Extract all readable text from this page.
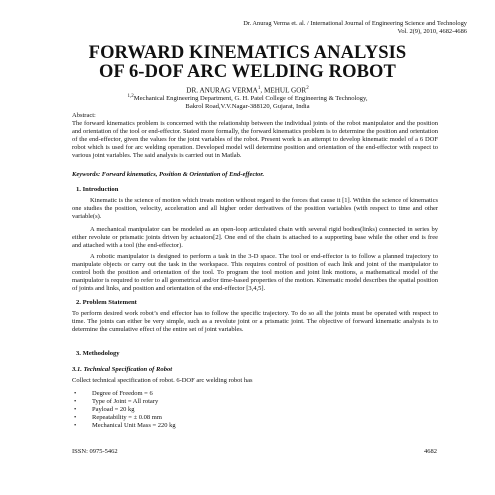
Dr. Anurag Verma et. al. / International Journal of Engineering Science and Technology
Vol. 2(9), 2010, 4682-4686
FORWARD KINEMATICS ANALYSIS
OF 6-DOF ARC WELDING ROBOT
DR. ANURAG VERMA$^1$, MEHUL GOR$^2$
$^{1,2}$Mechanical Engineering Department, G. H. Patel College of Engineering & Technology,
Bakrol Road,V.V.Nagar-388120, Gujarat, India
Abstract:
The forward kinematics problem is concerned with the relationship between the individual joints of the robot manipulator and the position and orientation of the tool or end-effector. Stated more formally, the forward kinematics problem is to determine the position and orientation of the end-effector, given the values for the joint variables of the robot. Present work is an attempt to develop kinematic model of a 6 DOF robot which is used for arc welding operation. Developed model will determine position and orientation of the end-effector with respect to various joint variables. The said analysis is carried out in Matlab.
Keywords: Forward kinematics, Position & Orientation of End-effector.
1. Introduction
Kinematic is the science of motion which treats motion without regard to the forces that cause it [1]. Within the science of kinematics one studies the position, velocity, acceleration and all higher order derivatives of the position variables (with respect to time and other variable(s).
A mechanical manipulator can be modeled as an open-loop articulated chain with several rigid bodies(links) connected in series by either revolute or prismatic joints driven by actuators[2]. One end of the chain is attached to a supporting base while the other end is free and attached with a tool (the end-effector).
A robotic manipulator is designed to perform a task in the 3-D space. The tool or end-effector is to follow a planned trajectory to manipulate objects or carry out the task in the workspace. This requires control of position of each link and joint of the manipulator to control both the position and orientation of the tool. To program the tool motion and joint link motions, a mathematical model of the manipulator is required to refer to all geometrical and/or time-based properties of the motion. Kinematic model describes the spatial position of joints and links, and position and orientation of the end-effector [3,4,5].
2. Problem Statement
To perform desired work robot’s end effector has to follow the specific trajectory. To do so all the joints must be operated with respect to time. The joints can either be very simple, such as a revolute joint or a prismatic joint. The objective of forward kinematic analysis is to determine the cumulative effect of the entire set of joint variables.
3. Methodology
3.1. Technical Specification of Robot
Collect technical specification of robot. 6-DOF arc welding robot has
• Degree of Freedom = 6
• Type of Joint = All rotary
• Payload = 20 kg
• Repeatability = ± 0.08 mm
• Mechanical Unit Mass = 220 kg
ISSN: 0975-5462	4682
